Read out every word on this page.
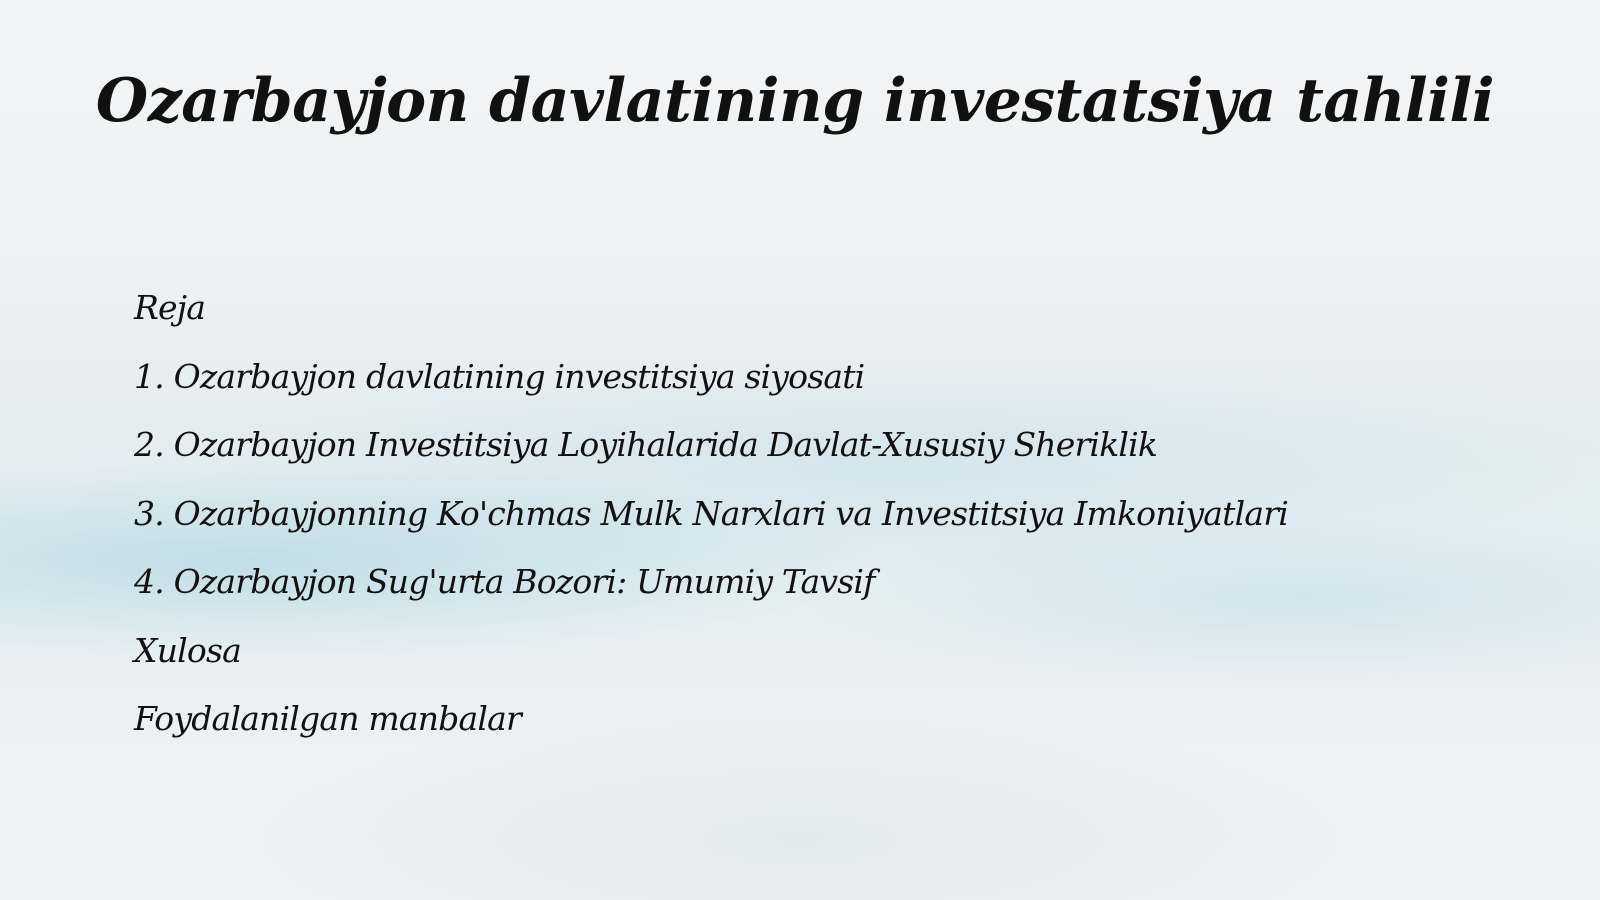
Ozarbayjon davlatining investatsiya tahlili
Reja
1. Ozarbayjon davlatining investitsiya siyosati
2. Ozarbayjon Investitsiya Loyihalarida Davlat-Xususiy Sheriklik
3. Ozarbayjonning Ko'chmas Mulk Narxlari va Investitsiya Imkoniyatlari
4. Ozarbayjon Sug'urta Bozori: Umumiy Tavsif
Xulosa
Foydalanilgan manbalar
